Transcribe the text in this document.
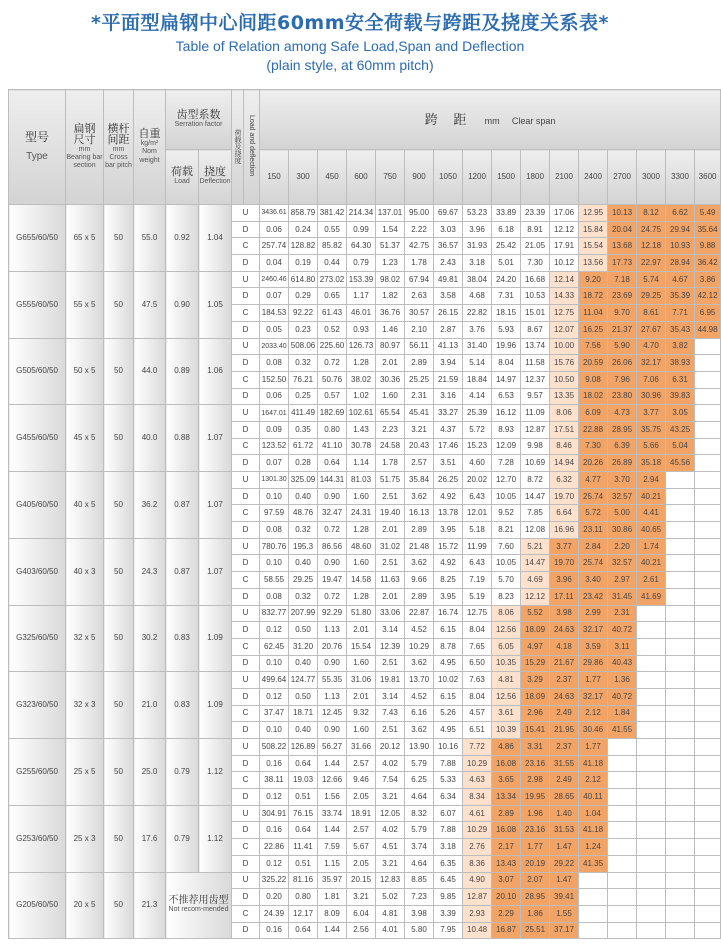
*平面型扁钢中心间距60mm安全荷载与跨距及挠度关系表*
Table of Relation among Safe Load,Span and Deflection
(plain style, at 60mm pitch)
型号
Type	扁钢尺寸
mm
Bearing bar section	横杆间距
mm
Cross bar pitch	自重
kg/m²
Nom weight	齿型系数
Serration factor		荷载及挠度	Load and deflection	跨 距 mm Clear span															

				荷载
Load	挠度
Deflection			150	300	450	600	750	900	1050	1200	1500	1800	2100	2400	2700	3000	3300	3600
G655/60/50	65 x 5	50	55.0	0.92	1.04	U		3436.61	858.79	381.42	214.34	137.01	95.00	69.67	53.23	33.89	23.39	17.06	12.95	10.13	8.12	6.62	5.49
						D		0.06	0.24	0.55	0.99	1.54	2.22	3.03	3.96	6.18	8.91	12.12	15.84	20.04	24.75	29.94	35.64
						C		257.74	128.82	85.82	64.30	51.37	42.75	36.57	31.93	25.42	21.05	17.91	15.54	13.68	12.18	10.93	9.88
						D		0.04	0.19	0.44	0.79	1.23	1.78	2.43	3.18	5.01	7.30	10.12	13.56	17.73	22.97	28.94	36.42
G555/60/50	55 x 5	50	47.5	0.90	1.05	U		2460.46	614.80	273.02	153.39	98.02	67.94	49.81	38.04	24.20	16.68	12.14	9.20	7.18	5.74	4.67	3.86
						D		0.07	0.29	0.65	1.17	1.82	2.63	3.58	4.68	7.31	10.53	14.33	18.72	23.69	29.25	35.39	42.12
						C		184.53	92.22	61.43	46.01	36.76	30.57	26.15	22.82	18.15	15.01	12.75	11.04	9.70	8.61	7.71	6.95
						D		0.05	0.23	0.52	0.93	1.46	2.10	2.87	3.76	5.93	8.67	12.07	16.25	21.37	27.67	35.43	44.98
G505/60/50	50 x 5	50	44.0	0.89	1.06	U		2033.40	508.06	225.60	126.73	80.97	56.11	41.13	31.40	19.96	13.74	10.00	7.56	5.90	4.70	3.82	
						D		0.08	0.32	0.72	1.28	2.01	2.89	3.94	5.14	8.04	11.58	15.76	20.59	26.06	32.17	38.93	
						C		152.50	76.21	50.76	38.02	30.36	25.25	21.59	18.84	14.97	12.37	10.50	9.08	7.96	7.06	6.31	
						D		0.06	0.25	0.57	1.02	1.60	2.31	3.16	4.14	6.53	9.57	13.35	18.02	23.80	30.96	39.83	
G455/60/50	45 x 5	50	40.0	0.88	1.07	U		1647.01	411.49	182.69	102.61	65.54	45.41	33.27	25.39	16.12	11.09	8.06	6.09	4.73	3.77	3.05	
						D		0.09	0.35	0.80	1.43	2.23	3.21	4.37	5.72	8.93	12.87	17.51	22.88	28.95	35.75	43.25	
						C		123.52	61.72	41.10	30.78	24.58	20.43	17.46	15.23	12.09	9.98	8.46	7.30	6.39	5.66	5.04	
						D		0.07	0.28	0.64	1.14	1.78	2.57	3.51	4.60	7.28	10.69	14.94	20.26	26.89	35.18	45.56	
G405/60/50	40 x 5	50	36.2	0.87	1.07	U		1301.30	325.09	144.31	81.03	51.75	35.84	26.25	20.02	12.70	8.72	6.32	4.77	3.70	2.94		
						D		0.10	0.40	0.90	1.60	2.51	3.62	4.92	6.43	10.05	14.47	19.70	25.74	32.57	40.21		
						C		97.59	48.76	32.47	24.31	19.40	16.13	13.78	12.01	9.52	7.85	6.64	5.72	5.00	4.41		
						D		0.08	0.32	0.72	1.28	2.01	2.89	3.95	5.18	8.21	12.08	16.96	23.11	30.86	40.65		
G403/60/50	40 x 3	50	24.3	0.87	1.07	U		780.76	195.3	86.56	48.60	31.02	21.48	15.72	11.99	7.60	5.21	3.77	2.84	2.20	1.74		
						D		0.10	0.40	0.90	1.60	2.51	3.62	4.92	6.43	10.05	14.47	19.70	25.74	32.57	40.21		
						C		58.55	29.25	19.47	14.58	11.63	9.66	8.25	7.19	5.70	4.69	3.96	3.40	2.97	2.61		
						D		0.08	0.32	0.72	1.28	2.01	2.89	3.95	5.19	8.23	12.12	17.11	23.42	31.45	41.69		
G325/60/50	32 x 5	50	30.2	0.83	1.09	U		832.77	207.99	92.29	51.80	33.06	22.87	16.74	12.75	8.06	5.52	3.98	2.99	2.31			
						D		0.12	0.50	1.13	2.01	3.14	4.52	6.15	8.04	12.56	18.09	24.63	32.17	40.72			
						C		62.45	31.20	20.76	15.54	12.39	10.29	8.78	7.65	6.05	4.97	4.18	3.59	3.11			
						D		0.10	0.40	0.90	1.60	2.51	3.62	4.95	6.50	10.35	15.29	21.67	29.86	40.43			
G323/60/50	32 x 3	50	21.0	0.83	1.09	U		499.64	124.77	55.35	31.06	19.81	13.70	10.02	7.63	4.81	3.29	2.37	1.77	1.36			
						D		0.12	0.50	1.13	2.01	3.14	4.52	6.15	8.04	12.56	18.09	24.63	32.17	40.72			
						C		37.47	18.71	12.45	9.32	7.43	6.16	5.26	4.57	3.61	2.96	2.49	2.12	1.84			
						D		0.10	0.40	0.90	1.60	2.51	3.62	4.95	6.51	10.39	15.41	21.95	30.46	41.55			
G255/60/50	25 x 5	50	25.0	0.79	1.12	U		508.22	126.89	56.27	31.66	20.12	13.90	10.16	7.72	4.86	3.31	2.37	1.77				
						D		0.16	0.64	1.44	2.57	4.02	5.79	7.88	10.29	16.08	23.16	31.55	41.18				
						C		38.11	19.03	12.66	9.46	7.54	6.25	5.33	4.63	3.65	2.98	2.49	2.12				
						D		0.12	0.51	1.56	2.05	3.21	4.64	6.34	8.34	13.34	19.95	28.65	40.11				
G253/60/50	25 x 3	50	17.6	0.79	1.12	U		304.91	76.15	33.74	18.91	12.05	8.32	6.07	4.61	2.89	1.96	1.40	1.04				
						D		0.16	0.64	1.44	2.57	4.02	5.79	7.88	10.29	16.08	23.16	31.53	41.18				
						C		22.86	11.41	7.59	5.67	4.51	3.74	3.18	2.76	2.17	1.77	1.47	1.24				
						D		0.12	0.51	1.15	2.05	3.21	4.64	6.35	8.36	13.43	20.19	29.22	41.35				
G205/60/50	20 x 5	50	21.3	不推荐用齿型
Not recom-mended		U		325.22	81.16	35.97	20.15	12.83	8.85	6.45	4.90	3.07	2.07	1.47					
						D		0.20	0.80	1.81	3.21	5.02	7.23	9.85	12.87	20.10	28.95	39.41					
						C		24.39	12.17	8.09	6.04	4.81	3.98	3.39	2.93	2.29	1.86	1.55					
						D		0.16	0.64	1.44	2.56	4.01	5.80	7.95	10.48	16.87	25.51	37.17					
